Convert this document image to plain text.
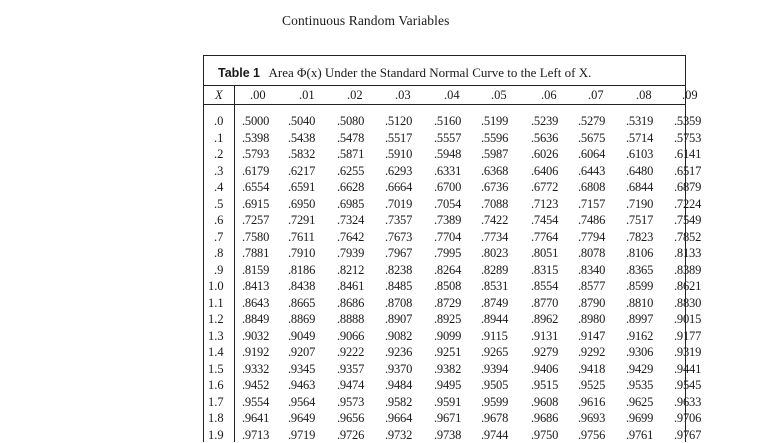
Continuous Random Variables
Table 1 Area Φ(x) Under the Standard Normal Curve to the Left of X.
X .00	.01	.02	.03	.04	.05	.06	.07	.08 .09
.0 .5000 .5040 .5080 .5120 .5160 .5199 .5239 .5279 .5319 .5359
.1 .5398 .5438 .5478 .5517 .5557 .5596 .5636 .5675 .5714 .5753
.2 .5793 .5832 .5871 .5910 .5948 .5987 .6026 .6064 .6103 .6141
.3 .6179 .6217 .6255 .6293 .6331 .6368 .6406 .6443 .6480 .6517
.4 .6554 .6591 .6628 .6664 .6700 .6736 .6772 .6808 .6844 .6879
.5 .6915 .6950 .6985 .7019 .7054 .7088 .7123 .7157 .7190 .7224
.6 .7257 .7291 .7324 .7357 .7389 .7422 .7454 .7486 .7517 .7549
.7 .7580 .7611 .7642 .7673 .7704 .7734 .7764 .7794 .7823 .7852
.8 .7881 .7910 .7939 .7967 .7995 .8023 .8051 .8078 .8106 .8133
.9 .8159 .8186 .8212 .8238 .8264 .8289 .8315 .8340 .8365 .8389
1.0 .8413 .8438 .8461 .8485 .8508 .8531 .8554 .8577 .8599 .8621
1.1 .8643 .8665 .8686 .8708 .8729 .8749 .8770 .8790 .8810 .8830
1.2 .8849 .8869 .8888 .8907 .8925 .8944 .8962 .8980 .8997 .9015
1.3 .9032 .9049 .9066 .9082 .9099 .9115 .9131 .9147 .9162 .9177
1.4 .9192 .9207 .9222 .9236 .9251 .9265 .9279 .9292 .9306 .9319
1.5 .9332 .9345 .9357 .9370 .9382 .9394 .9406 .9418 .9429 .9441
1.6 .9452 .9463 .9474 .9484 .9495 .9505 .9515 .9525 .9535 .9545
1.7 .9554 .9564 .9573 .9582 .9591 .9599 .9608 .9616 .9625 .9633
1.8 .9641 .9649 .9656 .9664 .9671 .9678 .9686 .9693 .9699 .9706
1.9 .9713 .9719 .9726 .9732 .9738 .9744 .9750 .9756 .9761 .9767
